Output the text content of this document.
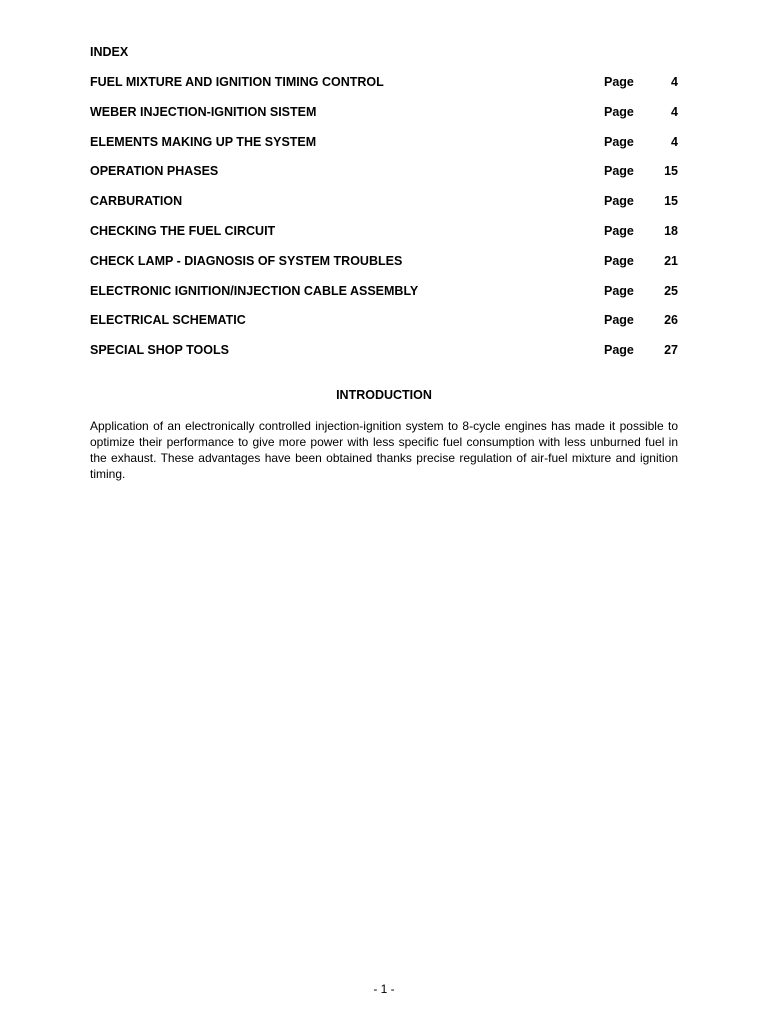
INDEX
FUEL MIXTURE AND IGNITION TIMING CONTROL	Page	4
WEBER INJECTION-IGNITION SISTEM	Page	4
ELEMENTS MAKING UP THE SYSTEM	Page	4
OPERATION PHASES	Page 15
CARBURATION	Page 15
CHECKING THE FUEL CIRCUIT	Page 18
CHECK LAMP - DIAGNOSIS OF SYSTEM TROUBLES	Page 21
ELECTRONIC IGNITION/INJECTION CABLE ASSEMBLY	Page 25
ELECTRICAL SCHEMATIC	Page 26
SPECIAL SHOP TOOLS	Page 27
INTRODUCTION
Application of an electronically controlled injection-ignition system to 8-cycle engines has made it possible to optimize their performance to give more power with less specific fuel consumption with less unburned fuel in the exhaust. These advantages have been obtained thanks precise regulation of air-fuel mixture and ignition timing.
- 1 -
